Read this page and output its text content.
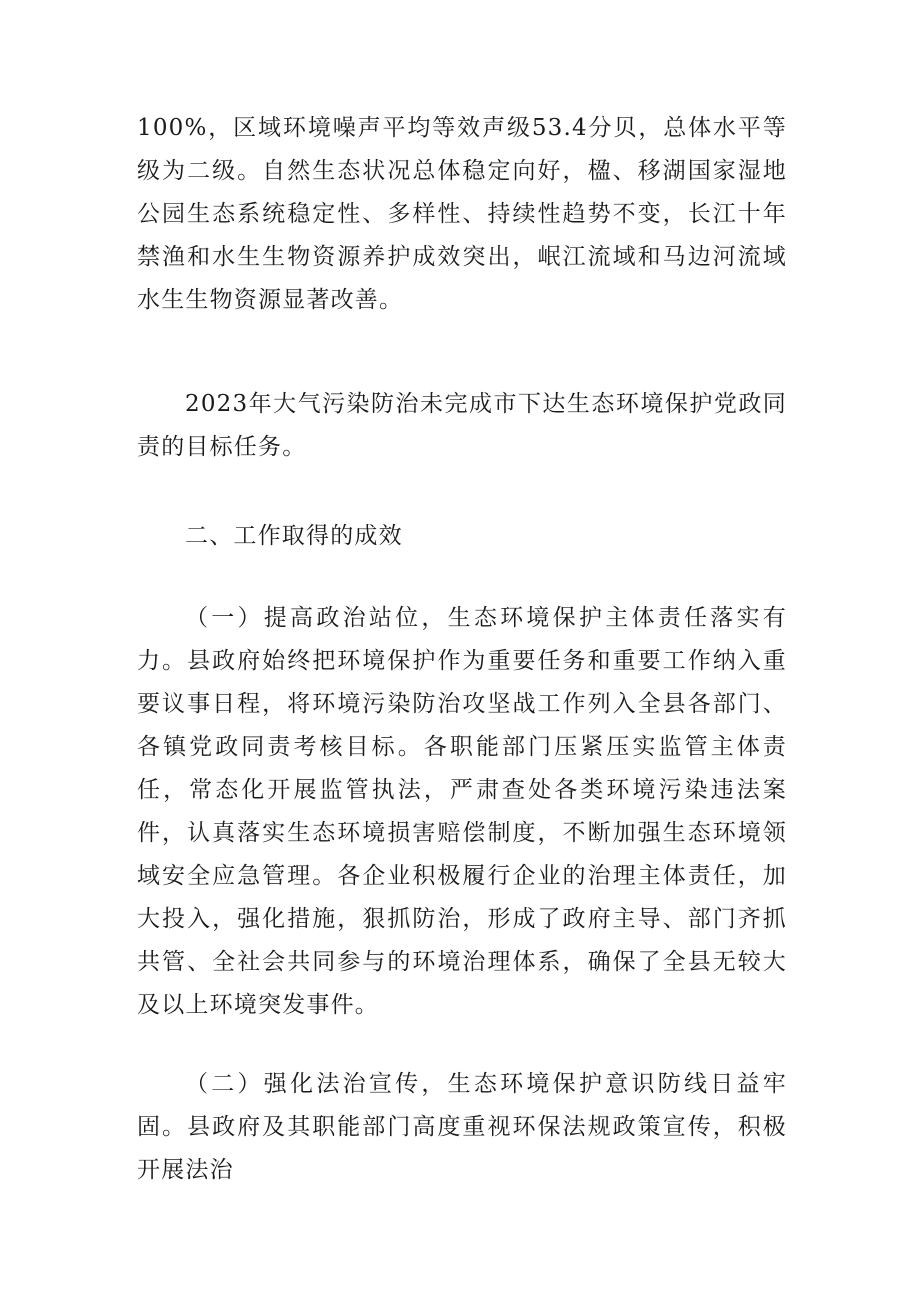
100%，区域环境噪声平均等效声级53.4分贝，总体水平等级为二级。自然生态状况总体稳定向好，楹、移湖国家湿地公园生态系统稳定性、多样性、持续性趋势不变，长江十年禁渔和水生生物资源养护成效突出，岷江流域和马边河流域水生生物资源显著改善。

2023年大气污染防治未完成市下达生态环境保护党政同责的目标任务。

二、工作取得的成效

（一）提高政治站位，生态环境保护主体责任落实有力。县政府始终把环境保护作为重要任务和重要工作纳入重要议事日程，将环境污染防治攻坚战工作列入全县各部门、各镇党政同责考核目标。各职能部门压紧压实监管主体责任，常态化开展监管执法，严肃查处各类环境污染违法案件，认真落实生态环境损害赔偿制度，不断加强生态环境领域安全应急管理。各企业积极履行企业的治理主体责任，加大投入，强化措施，狠抓防治，形成了政府主导、部门齐抓共管、全社会共同参与的环境治理体系，确保了全县无较大及以上环境突发事件。

（二）强化法治宣传，生态环境保护意识防线日益牢固。县政府及其职能部门高度重视环保法规政策宣传，积极开展法治
